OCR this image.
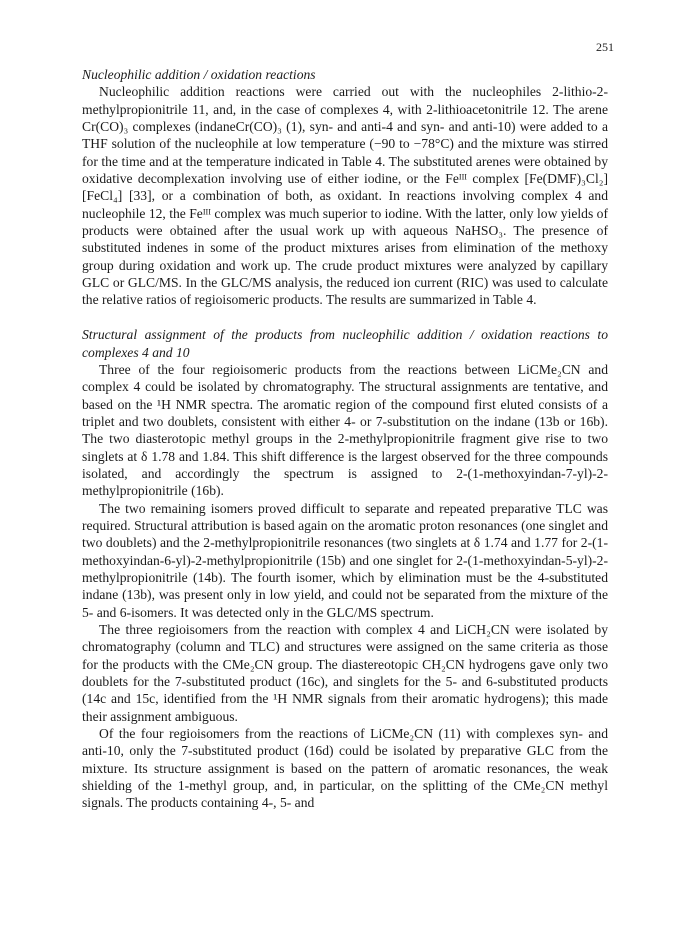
251

Nucleophilic addition / oxidation reactions

Nucleophilic addition reactions were carried out with the nucleophiles 2-lithio-2-methylpropionitrile 11, and, in the case of complexes 4, with 2-lithioacetonitrile 12. The arene Cr(CO)₃ complexes (indaneCr(CO)₃ (1), syn- and anti-4 and syn- and anti-10) were added to a THF solution of the nucleophile at low temperature (−90 to −78°C) and the mixture was stirred for the time and at the temperature indicated in Table 4. The substituted arenes were obtained by oxidative decomplexation involving use of either iodine, or the Feᴵᴵᴵ complex [Fe(DMF)₃Cl₂][FeCl₄] [33], or a combination of both, as oxidant. In reactions involving complex 4 and nucleophile 12, the Feᴵᴵᴵ complex was much superior to iodine. With the latter, only low yields of products were obtained after the usual work up with aqueous NaHSO₃. The presence of substituted indenes in some of the product mixtures arises from elimination of the methoxy group during oxidation and work up. The crude product mixtures were analyzed by capillary GLC or GLC/MS. In the GLC/MS analysis, the reduced ion current (RIC) was used to calculate the relative ratios of regioisomeric products. The results are summarized in Table 4.

Structural assignment of the products from nucleophilic addition / oxidation reactions to complexes 4 and 10

Three of the four regioisomeric products from the reactions between LiCMe₂CN and complex 4 could be isolated by chromatography. The structural assignments are tentative, and based on the ¹H NMR spectra. The aromatic region of the compound first eluted consists of a triplet and two doublets, consistent with either 4- or 7-substitution on the indane (13b or 16b). The two diasterotopic methyl groups in the 2-methylpropionitrile fragment give rise to two singlets at δ 1.78 and 1.84. This shift difference is the largest observed for the three compounds isolated, and accordingly the spectrum is assigned to 2-(1-methoxyindan-7-yl)-2-methylpropionitrile (16b).

The two remaining isomers proved difficult to separate and repeated preparative TLC was required. Structural attribution is based again on the aromatic proton resonances (one singlet and two doublets) and the 2-methylpropionitrile resonances (two singlets at δ 1.74 and 1.77 for 2-(1-methoxyindan-6-yl)-2-methylpropionitrile (15b) and one singlet for 2-(1-methoxyindan-5-yl)-2-methylpropionitrile (14b). The fourth isomer, which by elimination must be the 4-substituted indane (13b), was present only in low yield, and could not be separated from the mixture of the 5- and 6-isomers. It was detected only in the GLC/MS spectrum.

The three regioisomers from the reaction with complex 4 and LiCH₂CN were isolated by chromatography (column and TLC) and structures were assigned on the same criteria as those for the products with the CMe₂CN group. The diastereotopic CH₂CN hydrogens gave only two doublets for the 7-substituted product (16c), and singlets for the 5- and 6-substituted products (14c and 15c, identified from the ¹H NMR signals from their aromatic hydrogens); this made their assignment ambiguous.

Of the four regioisomers from the reactions of LiCMe₂CN (11) with complexes syn- and anti-10, only the 7-substituted product (16d) could be isolated by preparative GLC from the mixture. Its structure assignment is based on the pattern of aromatic resonances, the weak shielding of the 1-methyl group, and, in particular, on the splitting of the CMe₂CN methyl signals. The products containing 4-, 5- and
